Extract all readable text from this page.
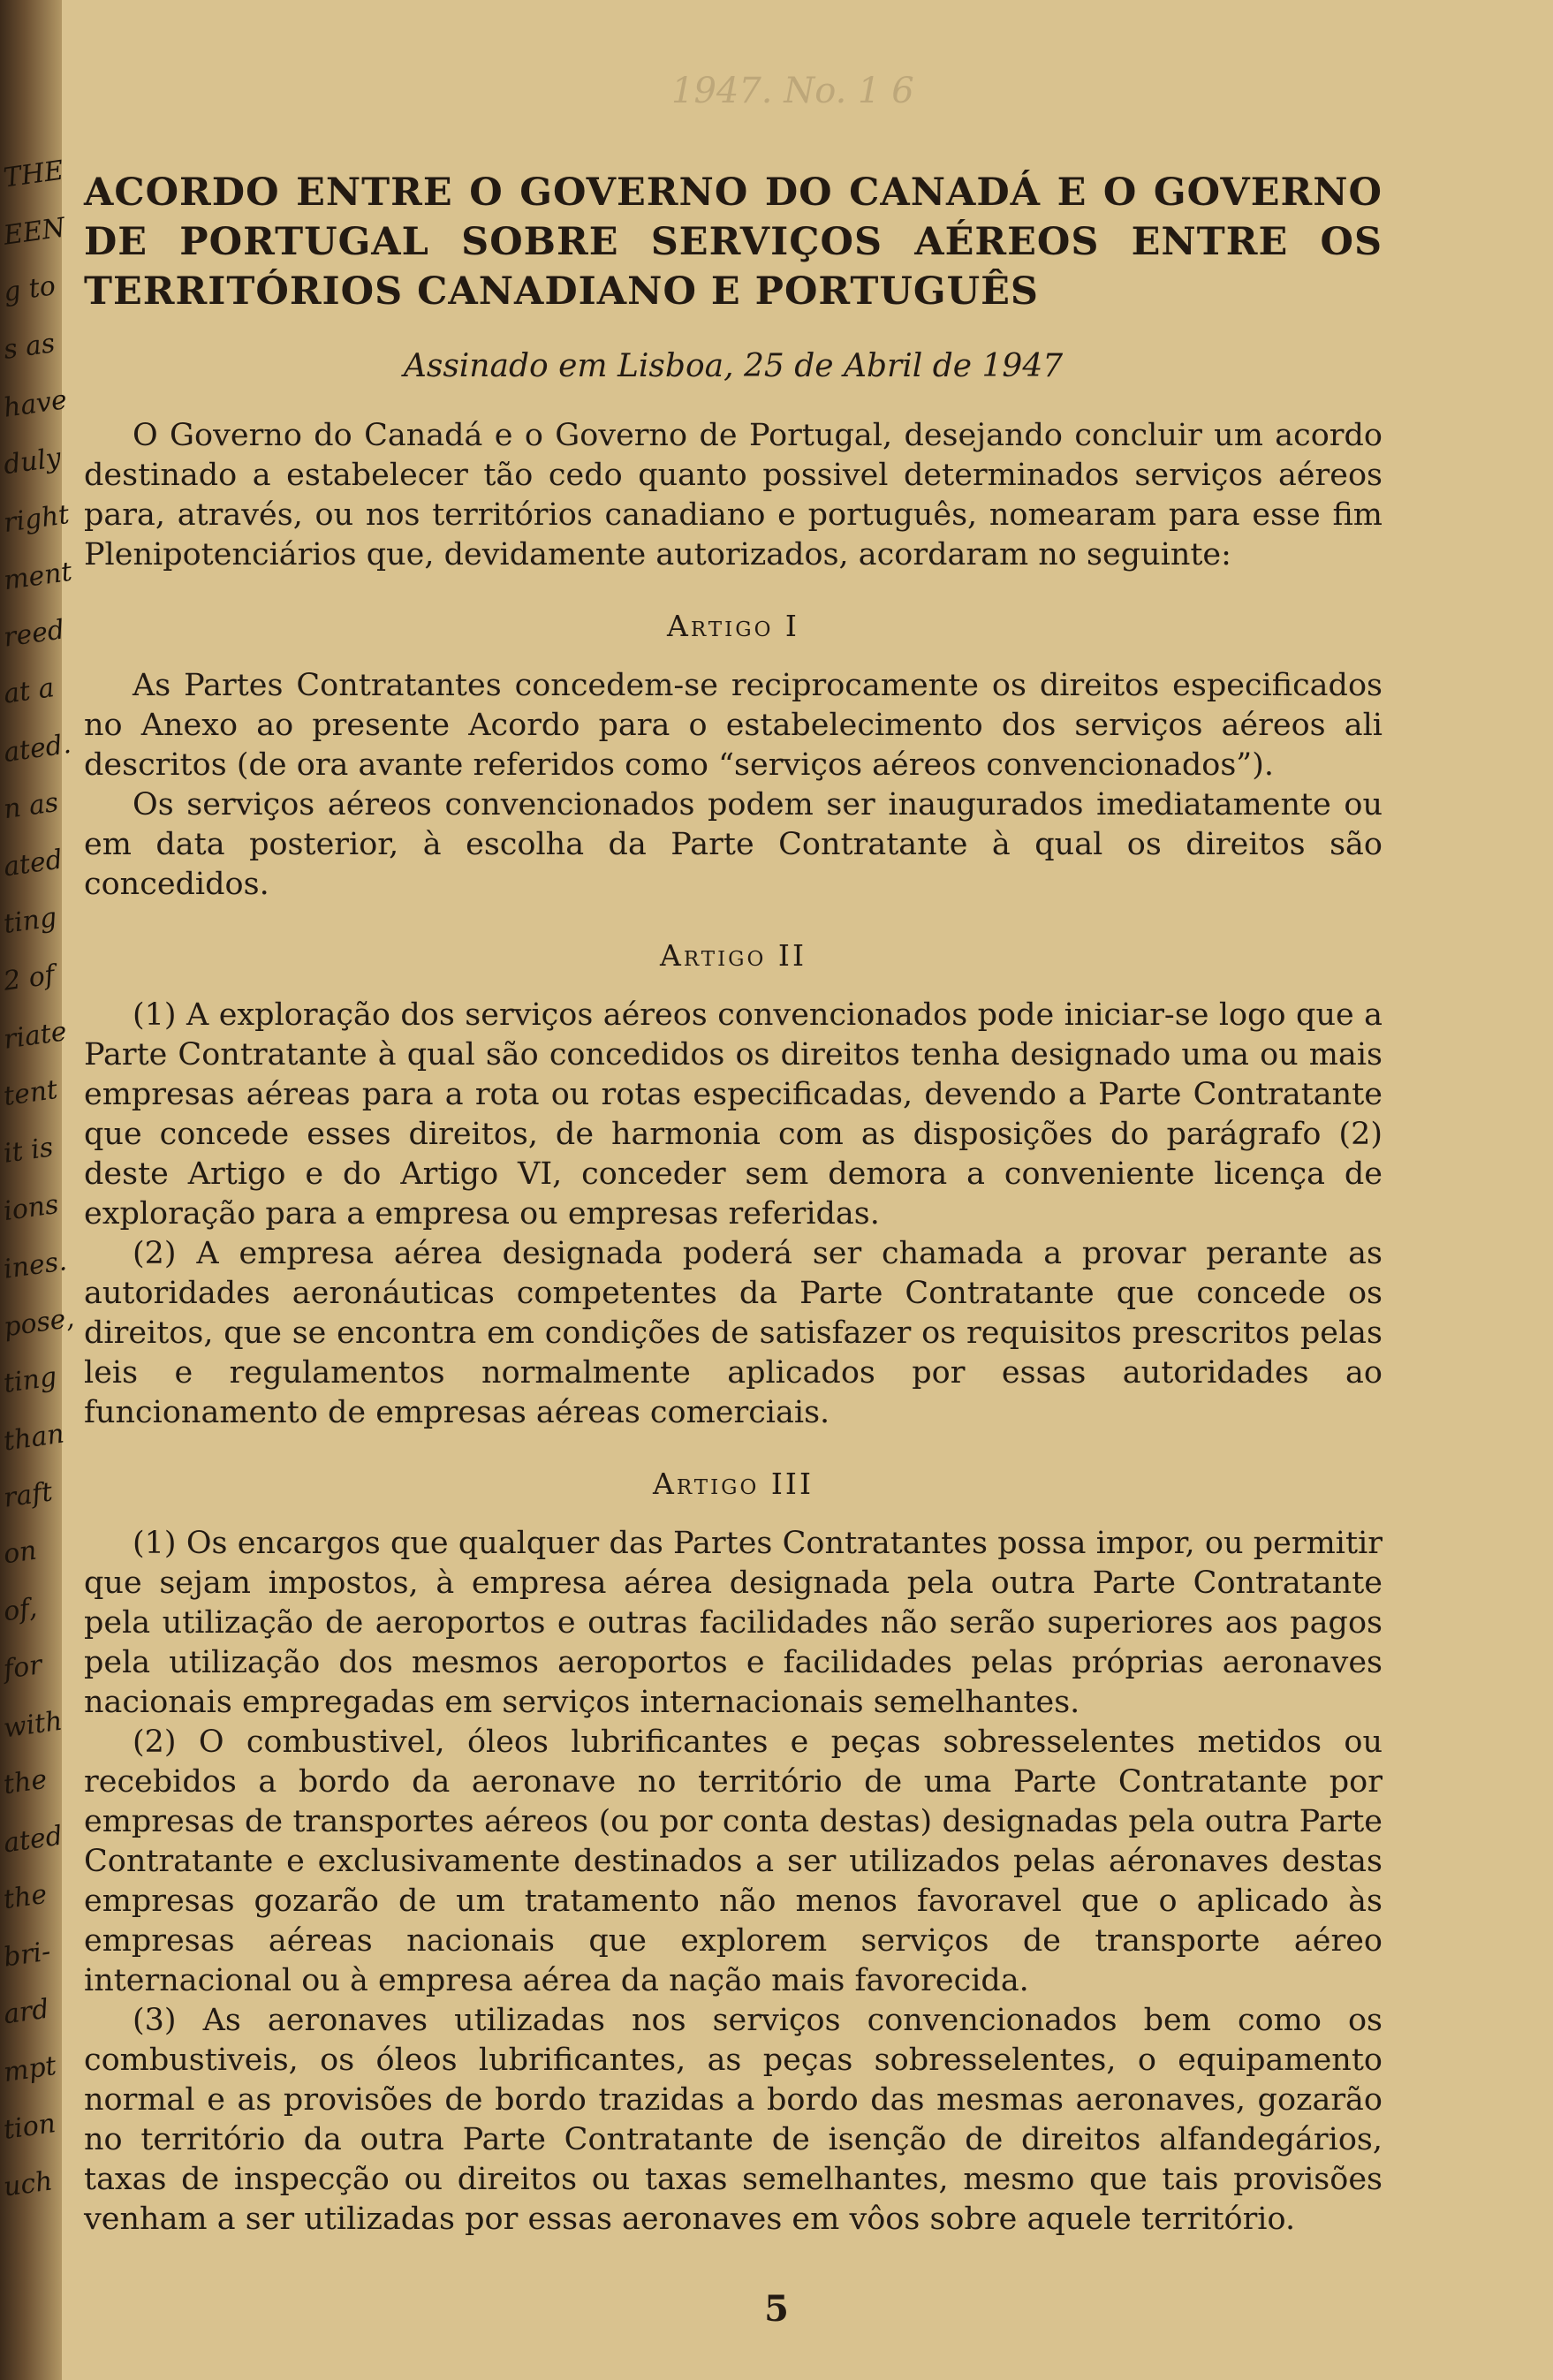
THE
EEN
g to
s as
have
duly
right
ment
reed
at a
ated.
n as
ated
ting
2 of
riate
tent
it is
ions
ines.
pose,
ting
than
raft
on
of,
for
with
the
ated
the
bri-
ard
mpt
tion
uch
1947. No. 1 6
ACORDO ENTRE O GOVERNO DO CANADÁ E O GOVERNO DE PORTUGAL SOBRE SERVIÇOS AÉREOS ENTRE OS TERRITÓRIOS CANADIANO E PORTUGUÊS

Assinado em Lisboa, 25 de Abril de 1947

O Governo do Canadá e o Governo de Portugal, desejando concluir um acordo destinado a estabelecer tão cedo quanto possivel determinados serviços aéreos para, através, ou nos territórios canadiano e português, nomearam para esse fim Plenipotenciários que, devidamente autorizados, acordaram no seguinte:

Artigo I

As Partes Contratantes concedem-se reciprocamente os direitos especificados no Anexo ao presente Acordo para o estabelecimento dos serviços aéreos ali descritos (de ora avante referidos como “serviços aéreos convencionados”).

Os serviços aéreos convencionados podem ser inaugurados imediatamente ou em data posterior, à escolha da Parte Contratante à qual os direitos são concedidos.

Artigo II

(1) A exploração dos serviços aéreos convencionados pode iniciar-se logo que a Parte Contratante à qual são concedidos os direitos tenha designado uma ou mais empresas aéreas para a rota ou rotas especificadas, devendo a Parte Contratante que concede esses direitos, de harmonia com as disposições do parágrafo (2) deste Artigo e do Artigo VI, conceder sem demora a conveniente licença de exploração para a empresa ou empresas referidas.

(2) A empresa aérea designada poderá ser chamada a provar perante as autoridades aeronáuticas competentes da Parte Contratante que concede os direitos, que se encontra em condições de satisfazer os requisitos prescritos pelas leis e regulamentos normalmente aplicados por essas autoridades ao funcionamento de empresas aéreas comerciais.

Artigo III

(1) Os encargos que qualquer das Partes Contratantes possa impor, ou permitir que sejam impostos, à empresa aérea designada pela outra Parte Contratante pela utilização de aeroportos e outras facilidades não serão superiores aos pagos pela utilização dos mesmos aeroportos e facilidades pelas próprias aeronaves nacionais empregadas em serviços internacionais semelhantes.

(2) O combustivel, óleos lubrificantes e peças sobresselentes metidos ou recebidos a bordo da aeronave no território de uma Parte Contratante por empresas de transportes aéreos (ou por conta destas) designadas pela outra Parte Contratante e exclusivamente destinados a ser utilizados pelas aéronaves destas empresas gozarão de um tratamento não menos favoravel que o aplicado às empresas aéreas nacionais que explorem serviços de transporte aéreo internacional ou à empresa aérea da nação mais favorecida.

(3) As aeronaves utilizadas nos serviços convencionados bem como os combustiveis, os óleos lubrificantes, as peças sobresselentes, o equipamento normal e as provisões de bordo trazidas a bordo das mesmas aeronaves, gozarão no território da outra Parte Contratante de isenção de direitos alfandegários, taxas de inspecção ou direitos ou taxas semelhantes, mesmo que tais provisões venham a ser utilizadas por essas aeronaves em vôos sobre aquele território.

5
